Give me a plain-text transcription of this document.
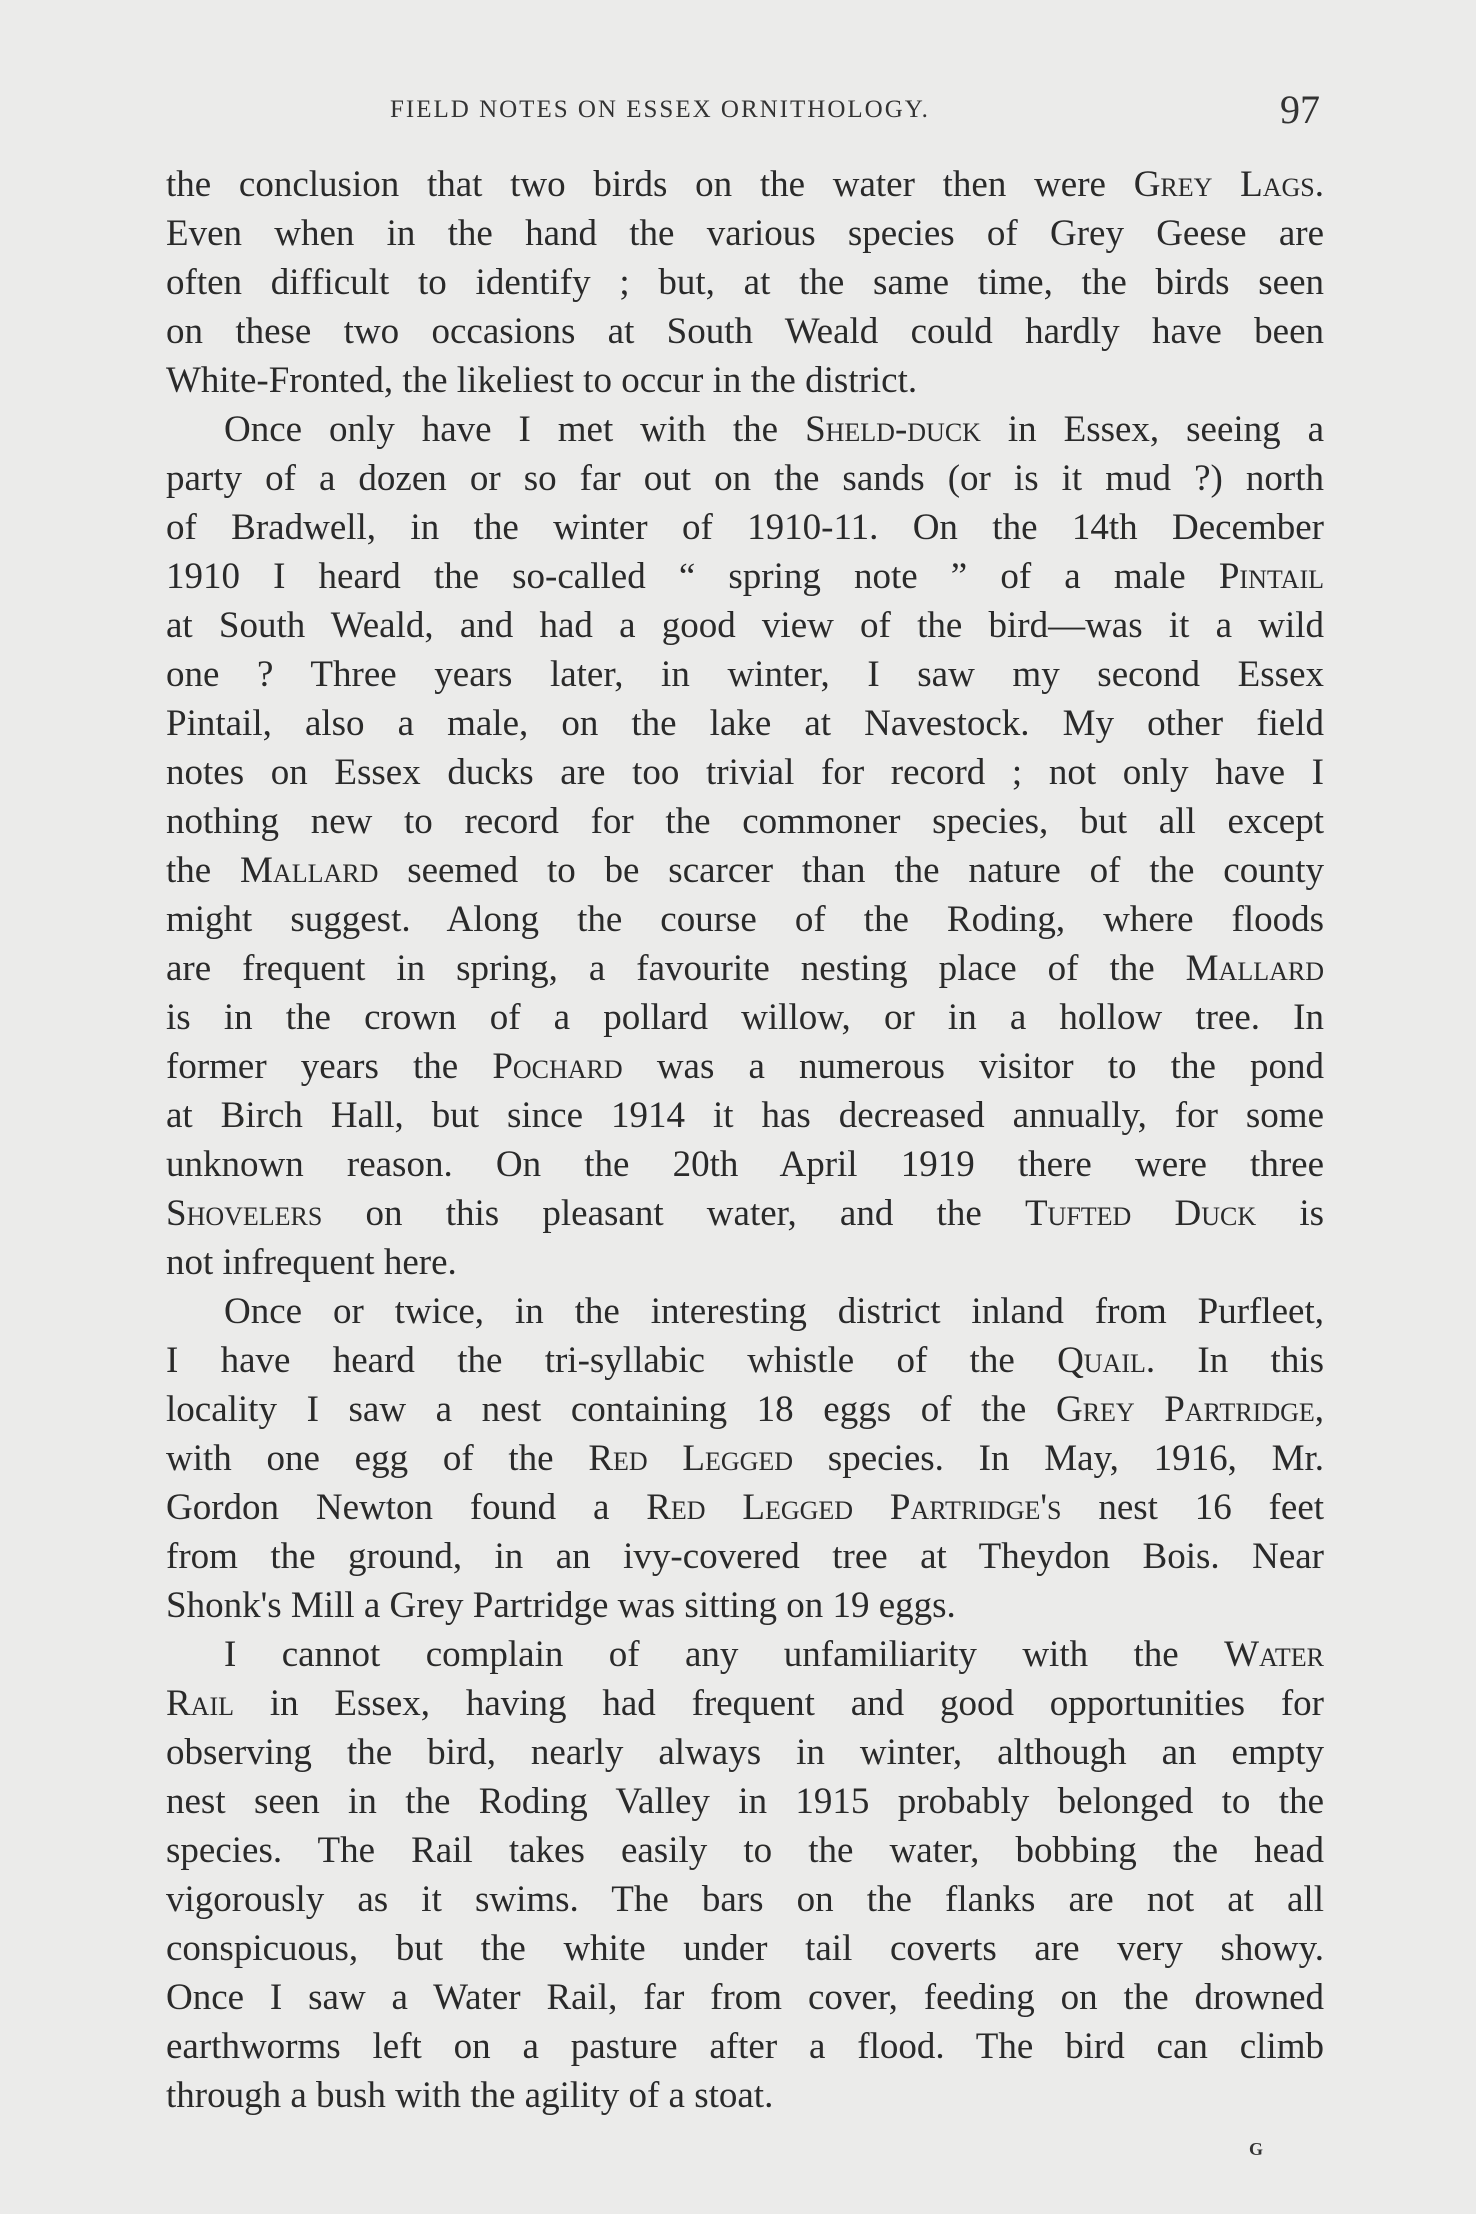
FIELD NOTES ON ESSEX ORNITHOLOGY.	97
the conclusion that two birds on the water then were Grey Lags.
Even when in the hand the various species of Grey Geese are
often difficult to identify ; but, at the same time, the birds seen
on these two occasions at South Weald could hardly have been
White-Fronted, the likeliest to occur in the district.
Once only have I met with the Sheld-duck in Essex, seeing a
party of a dozen or so far out on the sands (or is it mud ?) north
of Bradwell, in the winter of 1910-11. On the 14th December
1910 I heard the so-called “ spring note ” of a male Pintail
at South Weald, and had a good view of the bird—was it a wild
one ? Three years later, in winter, I saw my second Essex
Pintail, also a male, on the lake at Navestock. My other field
notes on Essex ducks are too trivial for record ; not only have I
nothing new to record for the commoner species, but all except
the Mallard seemed to be scarcer than the nature of the county
might suggest. Along the course of the Roding, where floods
are frequent in spring, a favourite nesting place of the Mallard
is in the crown of a pollard willow, or in a hollow tree. In
former years the Pochard was a numerous visitor to the pond
at Birch Hall, but since 1914 it has decreased annually, for some
unknown reason. On the 20th April 1919 there were three
Shovelers on this pleasant water, and the Tufted Duck is
not infrequent here.
Once or twice, in the interesting district inland from Purfleet,
I have heard the tri-syllabic whistle of the Quail. In this
locality I saw a nest containing 18 eggs of the Grey Partridge,
with one egg of the Red Legged species. In May, 1916, Mr.
Gordon Newton found a Red Legged Partridge's nest 16 feet
from the ground, in an ivy-covered tree at Theydon Bois. Near
Shonk's Mill a Grey Partridge was sitting on 19 eggs.
I cannot complain of any unfamiliarity with the Water
Rail in Essex, having had frequent and good opportunities for
observing the bird, nearly always in winter, although an empty
nest seen in the Roding Valley in 1915 probably belonged to the
species. The Rail takes easily to the water, bobbing the head
vigorously as it swims. The bars on the flanks are not at all
conspicuous, but the white under tail coverts are very showy.
Once I saw a Water Rail, far from cover, feeding on the drowned
earthworms left on a pasture after a flood. The bird can climb
through a bush with the agility of a stoat.
G
